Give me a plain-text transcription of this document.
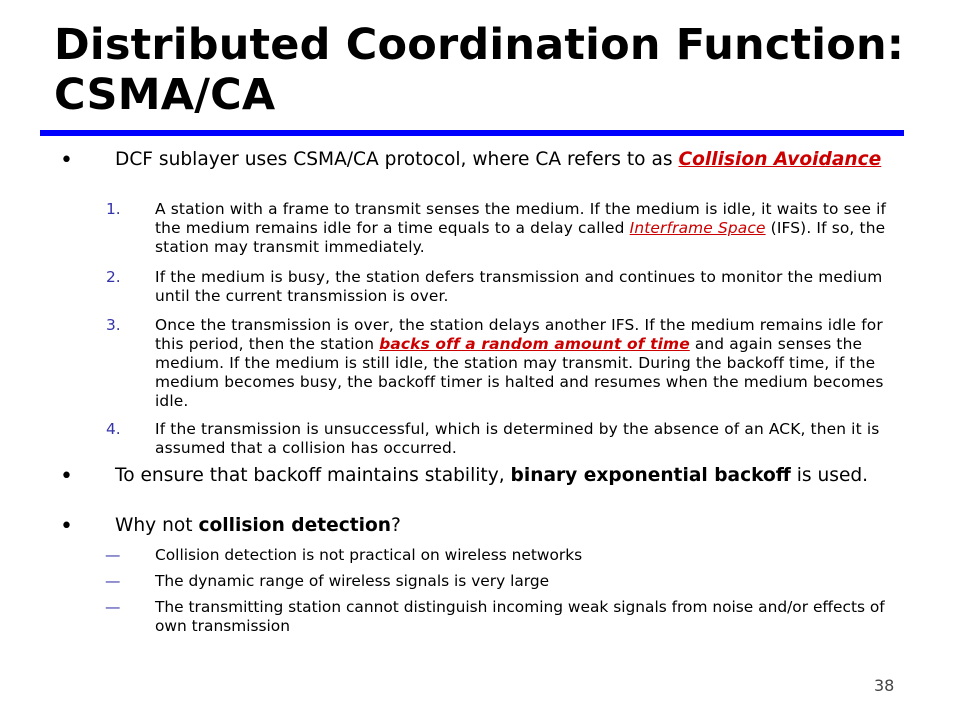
Distributed Coordination Function: CSMA/CA
• DCF sublayer uses CSMA/CA protocol, where CA refers to as Collision Avoidance
1. A station with a frame to transmit senses the medium. If the medium is idle, it waits to see if the medium remains idle for a time equals to a delay called Interframe Space (IFS). If so, the station may transmit immediately.
2. If the medium is busy, the station defers transmission and continues to monitor the medium until the current transmission is over.
3. Once the transmission is over, the station delays another IFS. If the medium remains idle for this period, then the station backs off a random amount of time and again senses the medium. If the medium is still idle, the station may transmit. During the backoff time, if the medium becomes busy, the backoff timer is halted and resumes when the medium becomes idle.
4. If the transmission is unsuccessful, which is determined by the absence of an ACK, then it is assumed that a collision has occurred.
• To ensure that backoff maintains stability, binary exponential backoff is used.
• Why not collision detection?
— Collision detection is not practical on wireless networks
— The dynamic range of wireless signals is very large
— The transmitting station cannot distinguish incoming weak signals from noise and/or effects of own transmission
38
